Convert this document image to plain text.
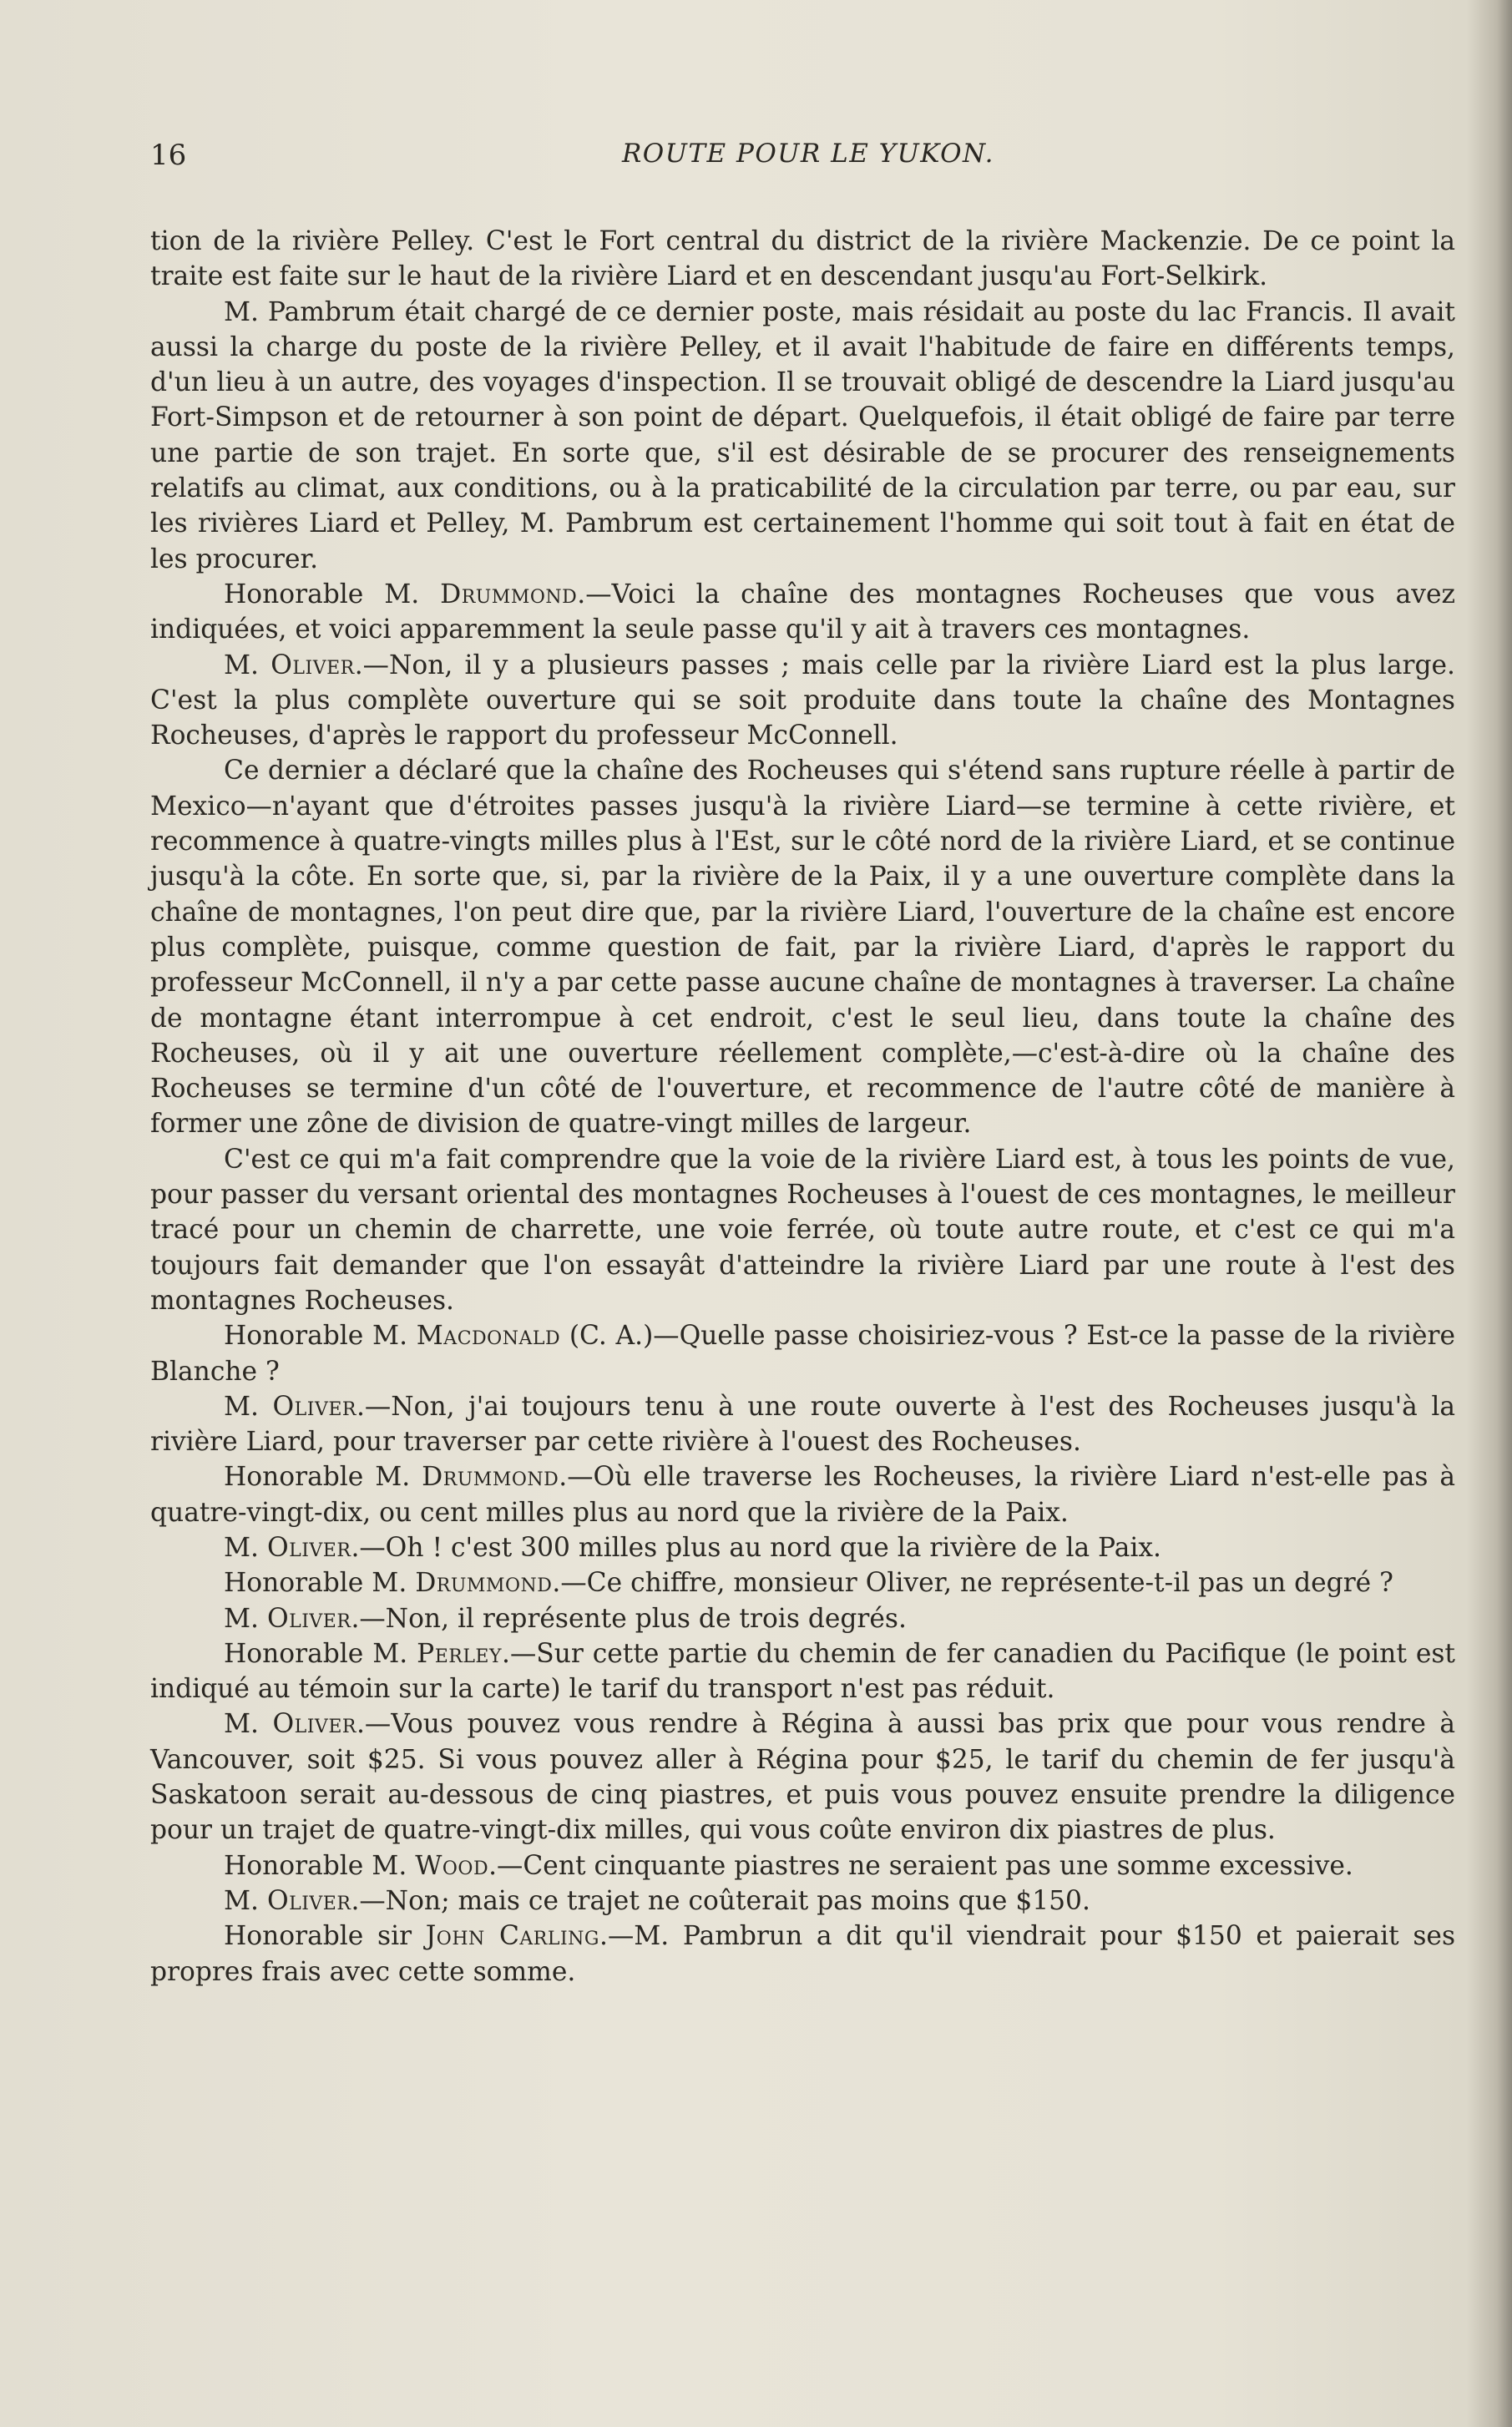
16	ROUTE POUR LE YUKON.

tion de la rivière Pelley. C'est le Fort central du district de la rivière Mackenzie. De ce point la traite est faite sur le haut de la rivière Liard et en descendant jusqu'au Fort-Selkirk.

M. Pambrum était chargé de ce dernier poste, mais résidait au poste du lac Francis. Il avait aussi la charge du poste de la rivière Pelley, et il avait l'habitude de faire en différents temps, d'un lieu à un autre, des voyages d'inspection. Il se trouvait obligé de descendre la Liard jusqu'au Fort-Simpson et de retourner à son point de départ. Quelquefois, il était obligé de faire par terre une partie de son trajet. En sorte que, s'il est désirable de se procurer des renseignements relatifs au climat, aux conditions, ou à la praticabilité de la circulation par terre, ou par eau, sur les rivières Liard et Pelley, M. Pambrum est certainement l'homme qui soit tout à fait en état de les procurer.

Honorable M. Drummond.—Voici la chaîne des montagnes Rocheuses que vous avez indiquées, et voici apparemment la seule passe qu'il y ait à travers ces montagnes.

M. Oliver.—Non, il y a plusieurs passes ; mais celle par la rivière Liard est la plus large. C'est la plus complète ouverture qui se soit produite dans toute la chaîne des Montagnes Rocheuses, d'après le rapport du professeur McConnell.

Ce dernier a déclaré que la chaîne des Rocheuses qui s'étend sans rupture réelle à partir de Mexico—n'ayant que d'étroites passes jusqu'à la rivière Liard—se termine à cette rivière, et recommence à quatre-vingts milles plus à l'Est, sur le côté nord de la rivière Liard, et se continue jusqu'à la côte. En sorte que, si, par la rivière de la Paix, il y a une ouverture complète dans la chaîne de montagnes, l'on peut dire que, par la rivière Liard, l'ouverture de la chaîne est encore plus complète, puisque, comme question de fait, par la rivière Liard, d'après le rapport du professeur McConnell, il n'y a par cette passe aucune chaîne de montagnes à traverser. La chaîne de montagne étant interrompue à cet endroit, c'est le seul lieu, dans toute la chaîne des Rocheuses, où il y ait une ouverture réellement complète,—c'est-à-dire où la chaîne des Rocheuses se termine d'un côté de l'ouverture, et recommence de l'autre côté de manière à former une zône de division de quatre-vingt milles de largeur.

C'est ce qui m'a fait comprendre que la voie de la rivière Liard est, à tous les points de vue, pour passer du versant oriental des montagnes Rocheuses à l'ouest de ces montagnes, le meilleur tracé pour un chemin de charrette, une voie ferrée, où toute autre route, et c'est ce qui m'a toujours fait demander que l'on essayât d'atteindre la rivière Liard par une route à l'est des montagnes Rocheuses.

Honorable M. Macdonald (C. A.)—Quelle passe choisiriez-vous ? Est-ce la passe de la rivière Blanche ?

M. Oliver.—Non, j'ai toujours tenu à une route ouverte à l'est des Rocheuses jusqu'à la rivière Liard, pour traverser par cette rivière à l'ouest des Rocheuses.

Honorable M. Drummond.—Où elle traverse les Rocheuses, la rivière Liard n'est-elle pas à quatre-vingt-dix, ou cent milles plus au nord que la rivière de la Paix.

M. Oliver.—Oh ! c'est 300 milles plus au nord que la rivière de la Paix.

Honorable M. Drummond.—Ce chiffre, monsieur Oliver, ne représente-t-il pas un degré ?

M. Oliver.—Non, il représente plus de trois degrés.

Honorable M. Perley.—Sur cette partie du chemin de fer canadien du Pacifique (le point est indiqué au témoin sur la carte) le tarif du transport n'est pas réduit.

M. Oliver.—Vous pouvez vous rendre à Régina à aussi bas prix que pour vous rendre à Vancouver, soit $25. Si vous pouvez aller à Régina pour $25, le tarif du chemin de fer jusqu'à Saskatoon serait au-dessous de cinq piastres, et puis vous pouvez ensuite prendre la diligence pour un trajet de quatre-vingt-dix milles, qui vous coûte environ dix piastres de plus.

Honorable M. Wood.—Cent cinquante piastres ne seraient pas une somme excessive.

M. Oliver.—Non; mais ce trajet ne coûterait pas moins que $150.

Honorable sir John Carling.—M. Pambrun a dit qu'il viendrait pour $150 et paierait ses propres frais avec cette somme.
